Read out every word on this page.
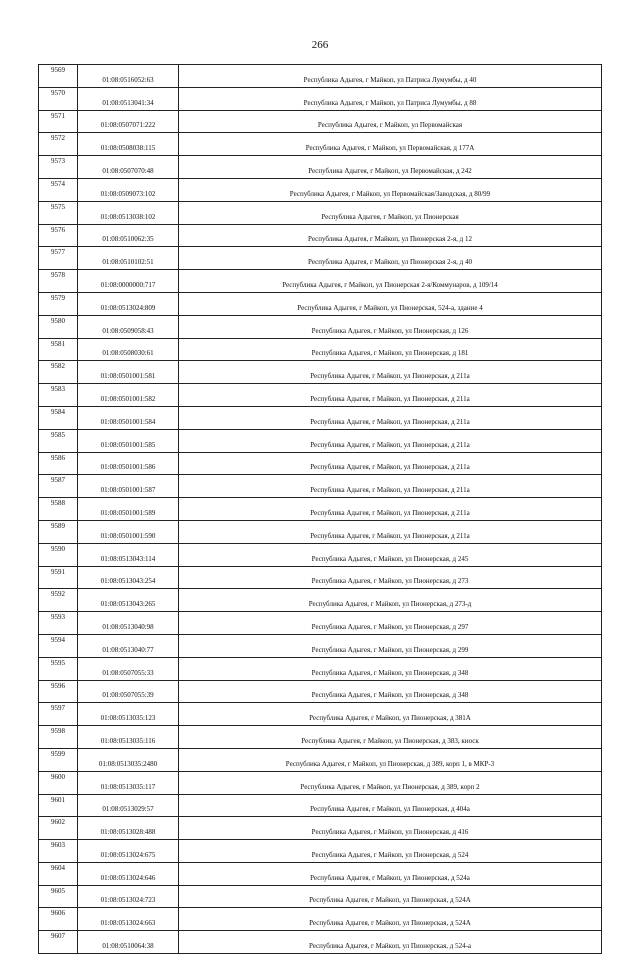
266
9569	01:08:0516052:63	Республика Адыгея, г Майкоп, ул Патриса Лумумбы, д 40
9570	01:08:0513041:34	Республика Адыгея, г Майкоп, ул Патриса Лумумбы, д 88
9571	01:08:0507071:222	Республика Адыгея, г Майкоп, ул Первомайская
9572	01:08:0508038:115	Республика Адыгея, г Майкоп, ул Первомайская, д 177А
9573	01:08:0507070:48	Республика Адыгея, г Майкоп, ул Первомайская, д 242
9574	01:08:0509073:102	Республика Адыгея, г Майкоп, ул Первомайская/Заводская, д 80/99
9575	01:08:0513038:102	Республика Адыгея, г Майкоп, ул Пионерская
9576	01:08:0510062:35	Республика Адыгея, г Майкоп, ул Пионерская 2-я, д 12
9577	01:08:0510102:51	Республика Адыгея, г Майкоп, ул Пионерская 2-я, д 40
9578	01:08:0000000:717	Республика Адыгея, г Майкоп, ул Пионерская 2-я/Коммунаров, д 109/14
9579	01:08:0513024:809	Республика Адыгея, г Майкоп, ул Пионерская, 524-а, здание 4
9580	01:08:0509058:43	Республика Адыгея, г Майкоп, ул Пионерская, д 126
9581	01:08:0508030:61	Республика Адыгея, г Майкоп, ул Пионерская, д 181
9582	01:08:0501001:581	Республика Адыгея, г Майкоп, ул Пионерская, д 211а
9583	01:08:0501001:582	Республика Адыгея, г Майкоп, ул Пионерская, д 211а
9584	01:08:0501001:584	Республика Адыгея, г Майкоп, ул Пионерская, д 211а
9585	01:08:0501001:585	Республика Адыгея, г Майкоп, ул Пионерская, д 211а
9586	01:08:0501001:586	Республика Адыгея, г Майкоп, ул Пионерская, д 211а
9587	01:08:0501001:587	Республика Адыгея, г Майкоп, ул Пионерская, д 211а
9588	01:08:0501001:589	Республика Адыгея, г Майкоп, ул Пионерская, д 211а
9589	01:08:0501001:590	Республика Адыгея, г Майкоп, ул Пионерская, д 211а
9590	01:08:0513043:114	Республика Адыгея, г Майкоп, ул Пионерская, д 245
9591	01:08:0513043:254	Республика Адыгея, г Майкоп, ул Пионерская, д 273
9592	01:08:0513043:265	Республика Адыгея, г Майкоп, ул Пионерская, д 273-д
9593	01:08:0513040:98	Республика Адыгея, г Майкоп, ул Пионерская, д 297
9594	01:08:0513040:77	Республика Адыгея, г Майкоп, ул Пионерская, д 299
9595	01:08:0507055:33	Республика Адыгея, г Майкоп, ул Пионерская, д 348
9596	01:08:0507055:39	Республика Адыгея, г Майкоп, ул Пионерская, д 348
9597	01:08:0513035:123	Республика Адыгея, г Майкоп, ул Пионерская, д 381А
9598	01:08:0513035:116	Республика Адыгея, г Майкоп, ул Пионерская, д 383, киоск
9599	01:08:0513035:2480	Республика Адыгея, г Майкоп, ул Пионерская, д 389, корп 1, в МКР-3
9600	01:08:0513035:117	Республика Адыгея, г Майкоп, ул Пионерская, д 389, корп 2
9601	01:08:0513029:57	Республика Адыгея, г Майкоп, ул Пионерская, д 404а
9602	01:08:0513028:488	Республика Адыгея, г Майкоп, ул Пионерская, д 416
9603	01:08:0513024:675	Республика Адыгея, г Майкоп, ул Пионерская, д 524
9604	01:08:0513024:646	Республика Адыгея, г Майкоп, ул Пионерская, д 524а
9605	01:08:0513024:723	Республика Адыгея, г Майкоп, ул Пионерская, д 524А
9606	01:08:0513024:663	Республика Адыгея, г Майкоп, ул Пионерская, д 524А
9607	01:08:0510064:38	Республика Адыгея, г Майкоп, ул Пионерская, д 524-а
